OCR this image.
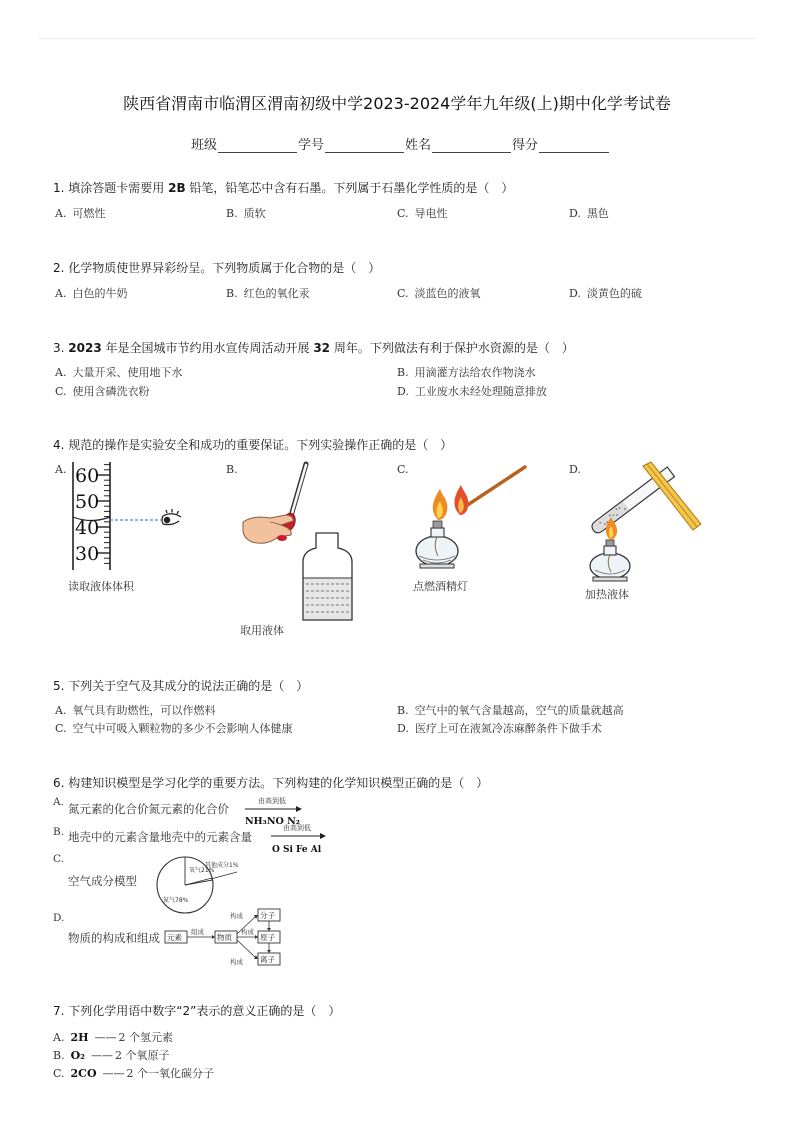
陕西省渭南市临渭区渭南初级中学2023-2024学年九年级(上)期中化学考试卷
班级	学号	姓名	得分
1. 填涂答题卡需要用 2B 铅笔，铅笔芯中含有石墨。下列属于石墨化学性质的是（　）
A. 可燃性	B. 质软	C. 导电性	D. 黑色
2. 化学物质使世界异彩纷呈。下列物质属于化合物的是（　）
A. 白色的牛奶	B. 红色的氧化汞	C. 淡蓝色的液氧	D. 淡黄色的硫
3. 2023 年是全国城市节约用水宣传周活动开展 32 周年。下列做法有利于保护水资源的是（　）
A. 大量开采、使用地下水	B. 用滴灌方法给农作物浇水
C. 使用含磷洗衣粉	D. 工业废水未经处理随意排放
4. 规范的操作是实验安全和成功的重要保证。下列实验操作正确的是（　）
A. 60
50
40
30
读取液体体积
B.
取用液体
C.
点燃酒精灯
D.
加热液体
5. 下列关于空气及其成分的说法正确的是（　）
A. 氧气具有助燃性，可以作燃料	B. 空气中的氧气含量越高，空气的质量就越高
C. 空气中可吸入颗粒物的多少不会影响人体健康	D. 医疗上可在液氮冷冻麻醉条件下做手术
6. 构建知识模型是学习化学的重要方法。下列构建的化学知识模型正确的是（　）
A. 氮元素的化合价氮元素的化合价
由高到低
NH₃NO N₂
B. 地壳中的元素含量地壳中的元素含量
由高到低
O Si Fe Al
C.
空气成分模型
氧气21%
氮气78%
其他成分1%
D.
物质的构成和组成 元素	物质
分子
原子
离子
组成
构成
构成
构成
7. 下列化学用语中数字“2”表示的意义正确的是（　）
A. 2H —— 2 个氢元素
B. O₂ —— 2 个氧原子
C. 2CO —— 2 个一氧化碳分子
